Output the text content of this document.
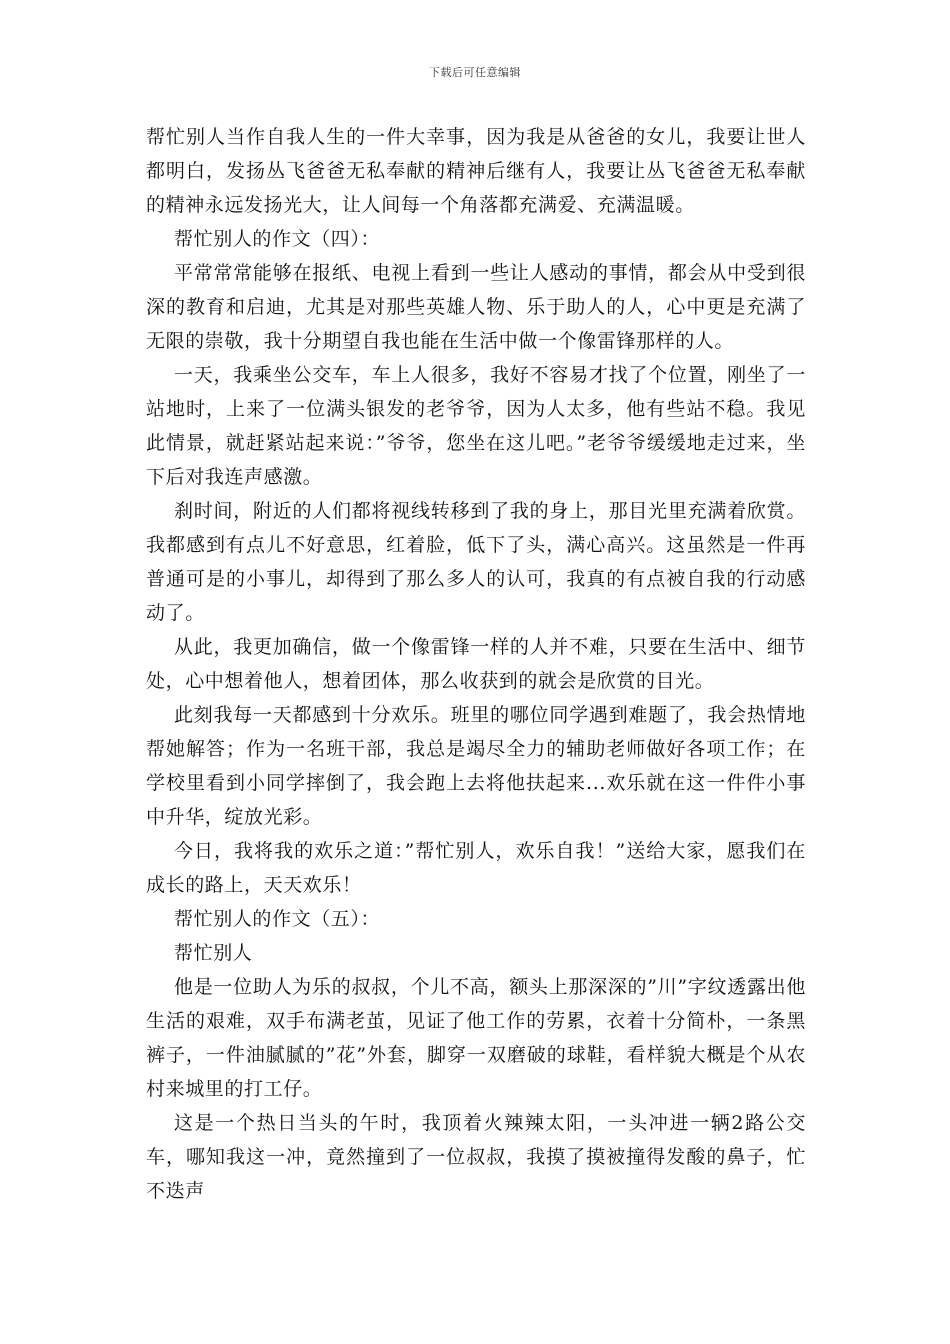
下载后可任意编辑

帮忙别人当作自我人生的一件大幸事，因为我是从爸爸的女儿，我要让世人都明白，发扬丛飞爸爸无私奉献的精神后继有人，我要让丛飞爸爸无私奉献的精神永远发扬光大，让人间每一个角落都充满爱、充满温暖。

帮忙别人的作文（四）：

平常常常能够在报纸、电视上看到一些让人感动的事情，都会从中受到很深的教育和启迪，尤其是对那些英雄人物、乐于助人的人，心中更是充满了无限的崇敬，我十分期望自我也能在生活中做一个像雷锋那样的人。

一天，我乘坐公交车，车上人很多，我好不容易才找了个位置，刚坐了一站地时，上来了一位满头银发的老爷爷，因为人太多，他有些站不稳。我见此情景，就赶紧站起来说：”爷爷，您坐在这儿吧。”老爷爷缓缓地走过来，坐下后对我连声感激。

刹时间，附近的人们都将视线转移到了我的身上，那目光里充满着欣赏。我都感到有点儿不好意思，红着脸，低下了头，满心高兴。这虽然是一件再普通可是的小事儿，却得到了那么多人的认可，我真的有点被自我的行动感动了。

从此，我更加确信，做一个像雷锋一样的人并不难，只要在生活中、细节处，心中想着他人，想着团体，那么收获到的就会是欣赏的目光。

此刻我每一天都感到十分欢乐。班里的哪位同学遇到难题了，我会热情地帮她解答；作为一名班干部，我总是竭尽全力的辅助老师做好各项工作；在学校里看到小同学摔倒了，我会跑上去将他扶起来...欢乐就在这一件件小事中升华，绽放光彩。

今日，我将我的欢乐之道：”帮忙别人，欢乐自我！”送给大家，愿我们在成长的路上，天天欢乐！

帮忙别人的作文（五）：

帮忙别人

他是一位助人为乐的叔叔，个儿不高，额头上那深深的”川”字纹透露出他生活的艰难，双手布满老茧，见证了他工作的劳累，衣着十分简朴，一条黑裤子，一件油腻腻的”花”外套，脚穿一双磨破的球鞋，看样貌大概是个从农村来城里的打工仔。

这是一个热日当头的午时，我顶着火辣辣太阳，一头冲进一辆2路公交车，哪知我这一冲，竟然撞到了一位叔叔，我摸了摸被撞得发酸的鼻子，忙不迭声
